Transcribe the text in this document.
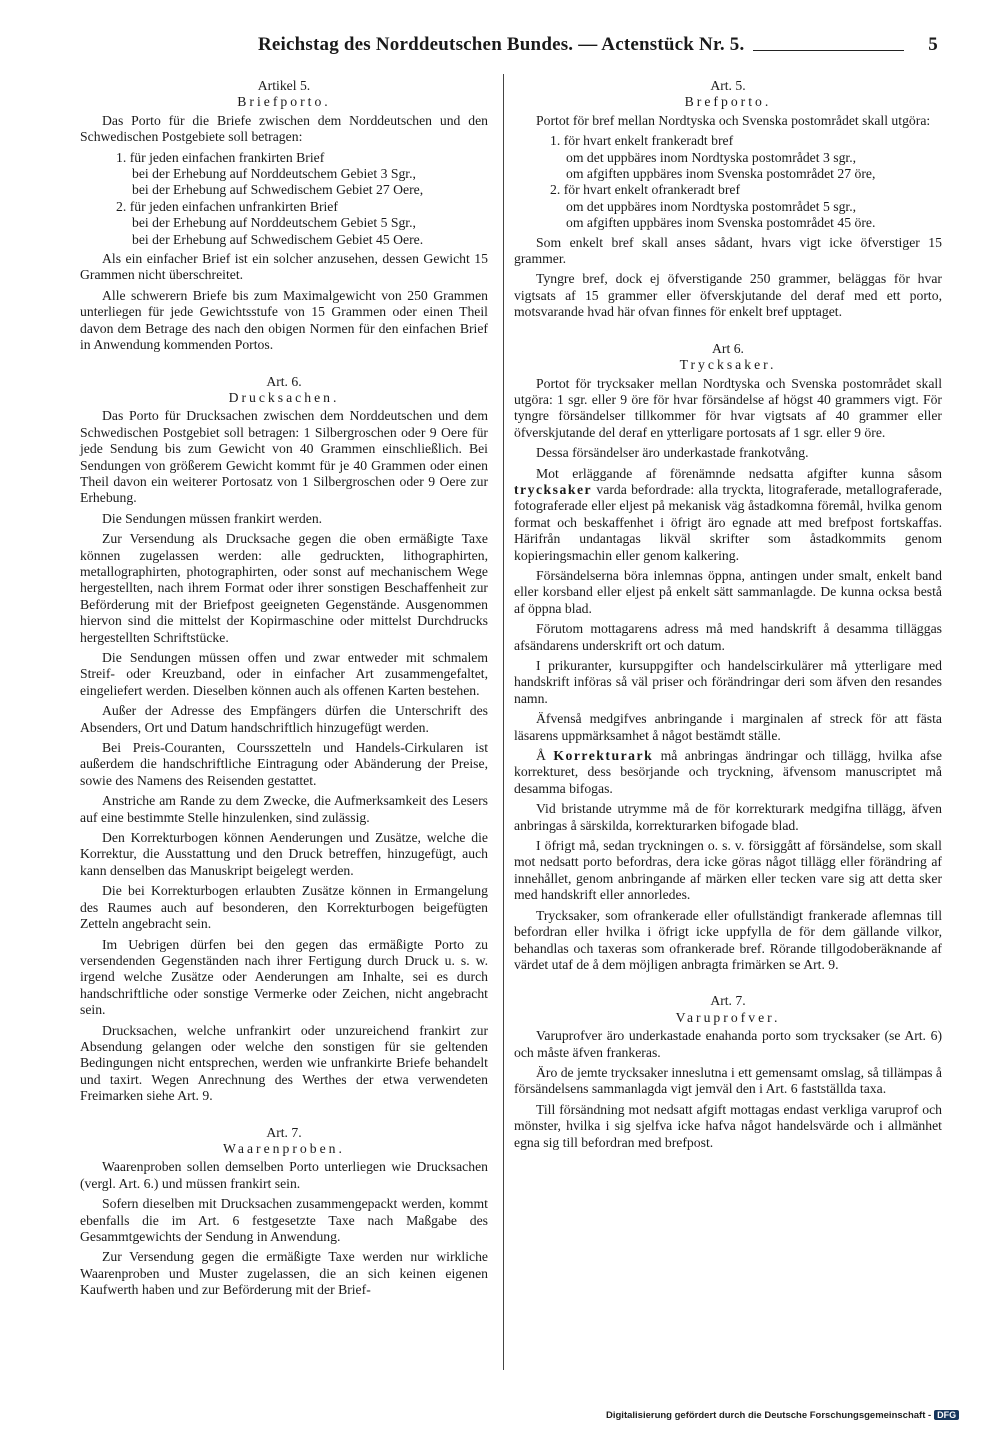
Reichstag des Norddeutschen Bundes. — Actenstück Nr. 5.	5
Artikel 5.
Briefporto.

Das Porto für die Briefe zwischen dem Norddeutschen und den Schwedischen Postgebiete soll betragen:

1. für jeden einfachen frankirten Brief
bei der Erhebung auf Norddeutschem Gebiet 3 Sgr.,
bei der Erhebung auf Schwedischem Gebiet 27 Oere,
2. für jeden einfachen unfrankirten Brief
bei der Erhebung auf Norddeutschem Gebiet 5 Sgr.,
bei der Erhebung auf Schwedischem Gebiet 45 Oere.

Als ein einfacher Brief ist ein solcher anzusehen, dessen Gewicht 15 Grammen nicht überschreitet.

Alle schwerern Briefe bis zum Maximalgewicht von 250 Grammen unterliegen für jede Gewichtsstufe von 15 Grammen oder einen Theil davon dem Betrage des nach den obigen Normen für den einfachen Brief in Anwendung kommenden Portos.

Art. 6.
Drucksachen.

Das Porto für Drucksachen zwischen dem Norddeutschen und dem Schwedischen Postgebiet soll betragen: 1 Silbergroschen oder 9 Oere für jede Sendung bis zum Gewicht von 40 Grammen einschließlich. Bei Sendungen von größerem Gewicht kommt für je 40 Grammen oder einen Theil davon ein weiterer Portosatz von 1 Silbergroschen oder 9 Oere zur Erhebung.

Die Sendungen müssen frankirt werden.

Zur Versendung als Drucksache gegen die oben ermäßigte Taxe können zugelassen werden: alle gedruckten, lithographirten, metallographirten, photographirten, oder sonst auf mechanischem Wege hergestellten, nach ihrem Format oder ihrer sonstigen Beschaffenheit zur Beförderung mit der Briefpost geeigneten Gegenstände. Ausgenommen hiervon sind die mittelst der Kopirmaschine oder mittelst Durchdrucks hergestellten Schriftstücke.

Die Sendungen müssen offen und zwar entweder mit schmalem Streif- oder Kreuzband, oder in einfacher Art zusammengefaltet, eingeliefert werden. Dieselben können auch als offenen Karten bestehen.

Außer der Adresse des Empfängers dürfen die Unterschrift des Absenders, Ort und Datum handschriftlich hinzugefügt werden.

Bei Preis-Couranten, Coursszetteln und Handels-Cirkularen ist außerdem die handschriftliche Eintragung oder Abänderung der Preise, sowie des Namens des Reisenden gestattet.

Anstriche am Rande zu dem Zwecke, die Aufmerksamkeit des Lesers auf eine bestimmte Stelle hinzulenken, sind zulässig.

Den Korrekturbogen können Aenderungen und Zusätze, welche die Korrektur, die Ausstattung und den Druck betreffen, hinzugefügt, auch kann denselben das Manuskript beigelegt werden.

Die bei Korrekturbogen erlaubten Zusätze können in Ermangelung des Raumes auch auf besonderen, den Korrekturbogen beigefügten Zetteln angebracht sein.

Im Uebrigen dürfen bei den gegen das ermäßigte Porto zu versendenden Gegenständen nach ihrer Fertigung durch Druck u. s. w. irgend welche Zusätze oder Aenderungen am Inhalte, sei es durch handschriftliche oder sonstige Vermerke oder Zeichen, nicht angebracht sein.

Drucksachen, welche unfrankirt oder unzureichend frankirt zur Absendung gelangen oder welche den sonstigen für sie geltenden Bedingungen nicht entsprechen, werden wie unfrankirte Briefe behandelt und taxirt. Wegen Anrechnung des Werthes der etwa verwendeten Freimarken siehe Art. 9.

Art. 7.
Waarenproben.

Waarenproben sollen demselben Porto unterliegen wie Drucksachen (vergl. Art. 6.) und müssen frankirt sein.

Sofern dieselben mit Drucksachen zusammengepackt werden, kommt ebenfalls die im Art. 6 festgesetzte Taxe nach Maßgabe des Gesammtgewichts der Sendung in Anwendung.

Zur Versendung gegen die ermäßigte Taxe werden nur wirkliche Waarenproben und Muster zugelassen, die an sich keinen eigenen Kaufwerth haben und zur Beförderung mit der Brief-

Art. 5.
Brefporto.

Portot för bref mellan Nordtyska och Svenska postområdet skall utgöra:

1. för hvart enkelt frankeradt bref
om det uppbäres inom Nordtyska postområdet 3 sgr.,
om afgiften uppbäres inom Svenska postområdet 27 öre,
2. för hvart enkelt ofrankeradt bref
om det uppbäres inom Nordtyska postområdet 5 sgr.,
om afgiften uppbäres inom Svenska postområdet 45 öre.

Som enkelt bref skall anses sådant, hvars vigt icke öfverstiger 15 grammer.

Tyngre bref, dock ej öfverstigande 250 grammer, beläggas för hvar vigtsats af 15 grammer eller öfverskjutande del deraf med ett porto, motsvarande hvad här ofvan finnes för enkelt bref upptaget.

Art 6.
Trycksaker.

Portot för trycksaker mellan Nordtyska och Svenska postområdet skall utgöra: 1 sgr. eller 9 öre för hvar försändelse af högst 40 grammers vigt. För tyngre försändelser tillkommer för hvar vigtsats af 40 grammer eller öfverskjutande del deraf en ytterligare portosats af 1 sgr. eller 9 öre.

Dessa försändelser äro underkastade frankotvång.

Mot erläggande af förenämnde nedsatta afgifter kunna såsom trycksaker varda befordrade: alla tryckta, litograferade, metallograferade, fotograferade eller eljest på mekanisk väg åstadkomna föremål, hvilka genom format och beskaffenhet i öfrigt äro egnade att med brefpost fortskaffas. Härifrån undantagas likväl skrifter som åstadkommits genom kopieringsmachin eller genom kalkering.

Försändelserna böra inlemnas öppna, antingen under smalt, enkelt band eller korsband eller eljest på enkelt sätt sammanlagde. De kunna ocksa bestå af öppna blad.

Förutom mottagarens adress må med handskrift å desamma tilläggas afsändarens underskrift ort och datum.

I prikuranter, kursuppgifter och handelscirkulärer må ytterligare med handskrift införas så väl priser och förändringar deri som äfven den resandes namn.

Äfvenså medgifves anbringande i marginalen af streck för att fästa läsarens uppmärksamhet å något bestämdt ställe.

Å Korrekturark må anbringas ändringar och tillägg, hvilka afse korrekturet, dess besörjande och tryckning, äfvensom manuscriptet må desamma bifogas.

Vid bristande utrymme må de för korrekturark medgifna tillägg, äfven anbringas å särskilda, korrekturarken bifogade blad.

I öfrigt må, sedan tryckningen o. s. v. försiggått af försändelse, som skall mot nedsatt porto befordras, dera icke göras något tillägg eller förändring af innehållet, genom anbringande af märken eller tecken vare sig att detta sker med handskrift eller annorledes.

Trycksaker, som ofrankerade eller ofullständigt frankerade aflemnas till befordran eller hvilka i öfrigt icke uppfylla de för dem gällande vilkor, behandlas och taxeras som ofrankerade bref. Rörande tillgodoberäknande af värdet utaf de å dem möjligen anbragta frimärken se Art. 9.

Art. 7.
Varuprofver.

Varuprofver äro underkastade enahanda porto som trycksaker (se Art. 6) och måste äfven frankeras.

Äro de jemte trycksaker inneslutna i ett gemensamt omslag, så tillämpas å försändelsens sammanlagda vigt jemväl den i Art. 6 fastställda taxa.

Till försändning mot nedsatt afgift mottagas endast verkliga varuprof och mönster, hvilka i sig sjelfva icke hafva något handelsvärde och i allmänhet egna sig till befordran med brefpost.

Digitalisierung gefördert durch die Deutsche Forschungsgemeinschaft - DFG
